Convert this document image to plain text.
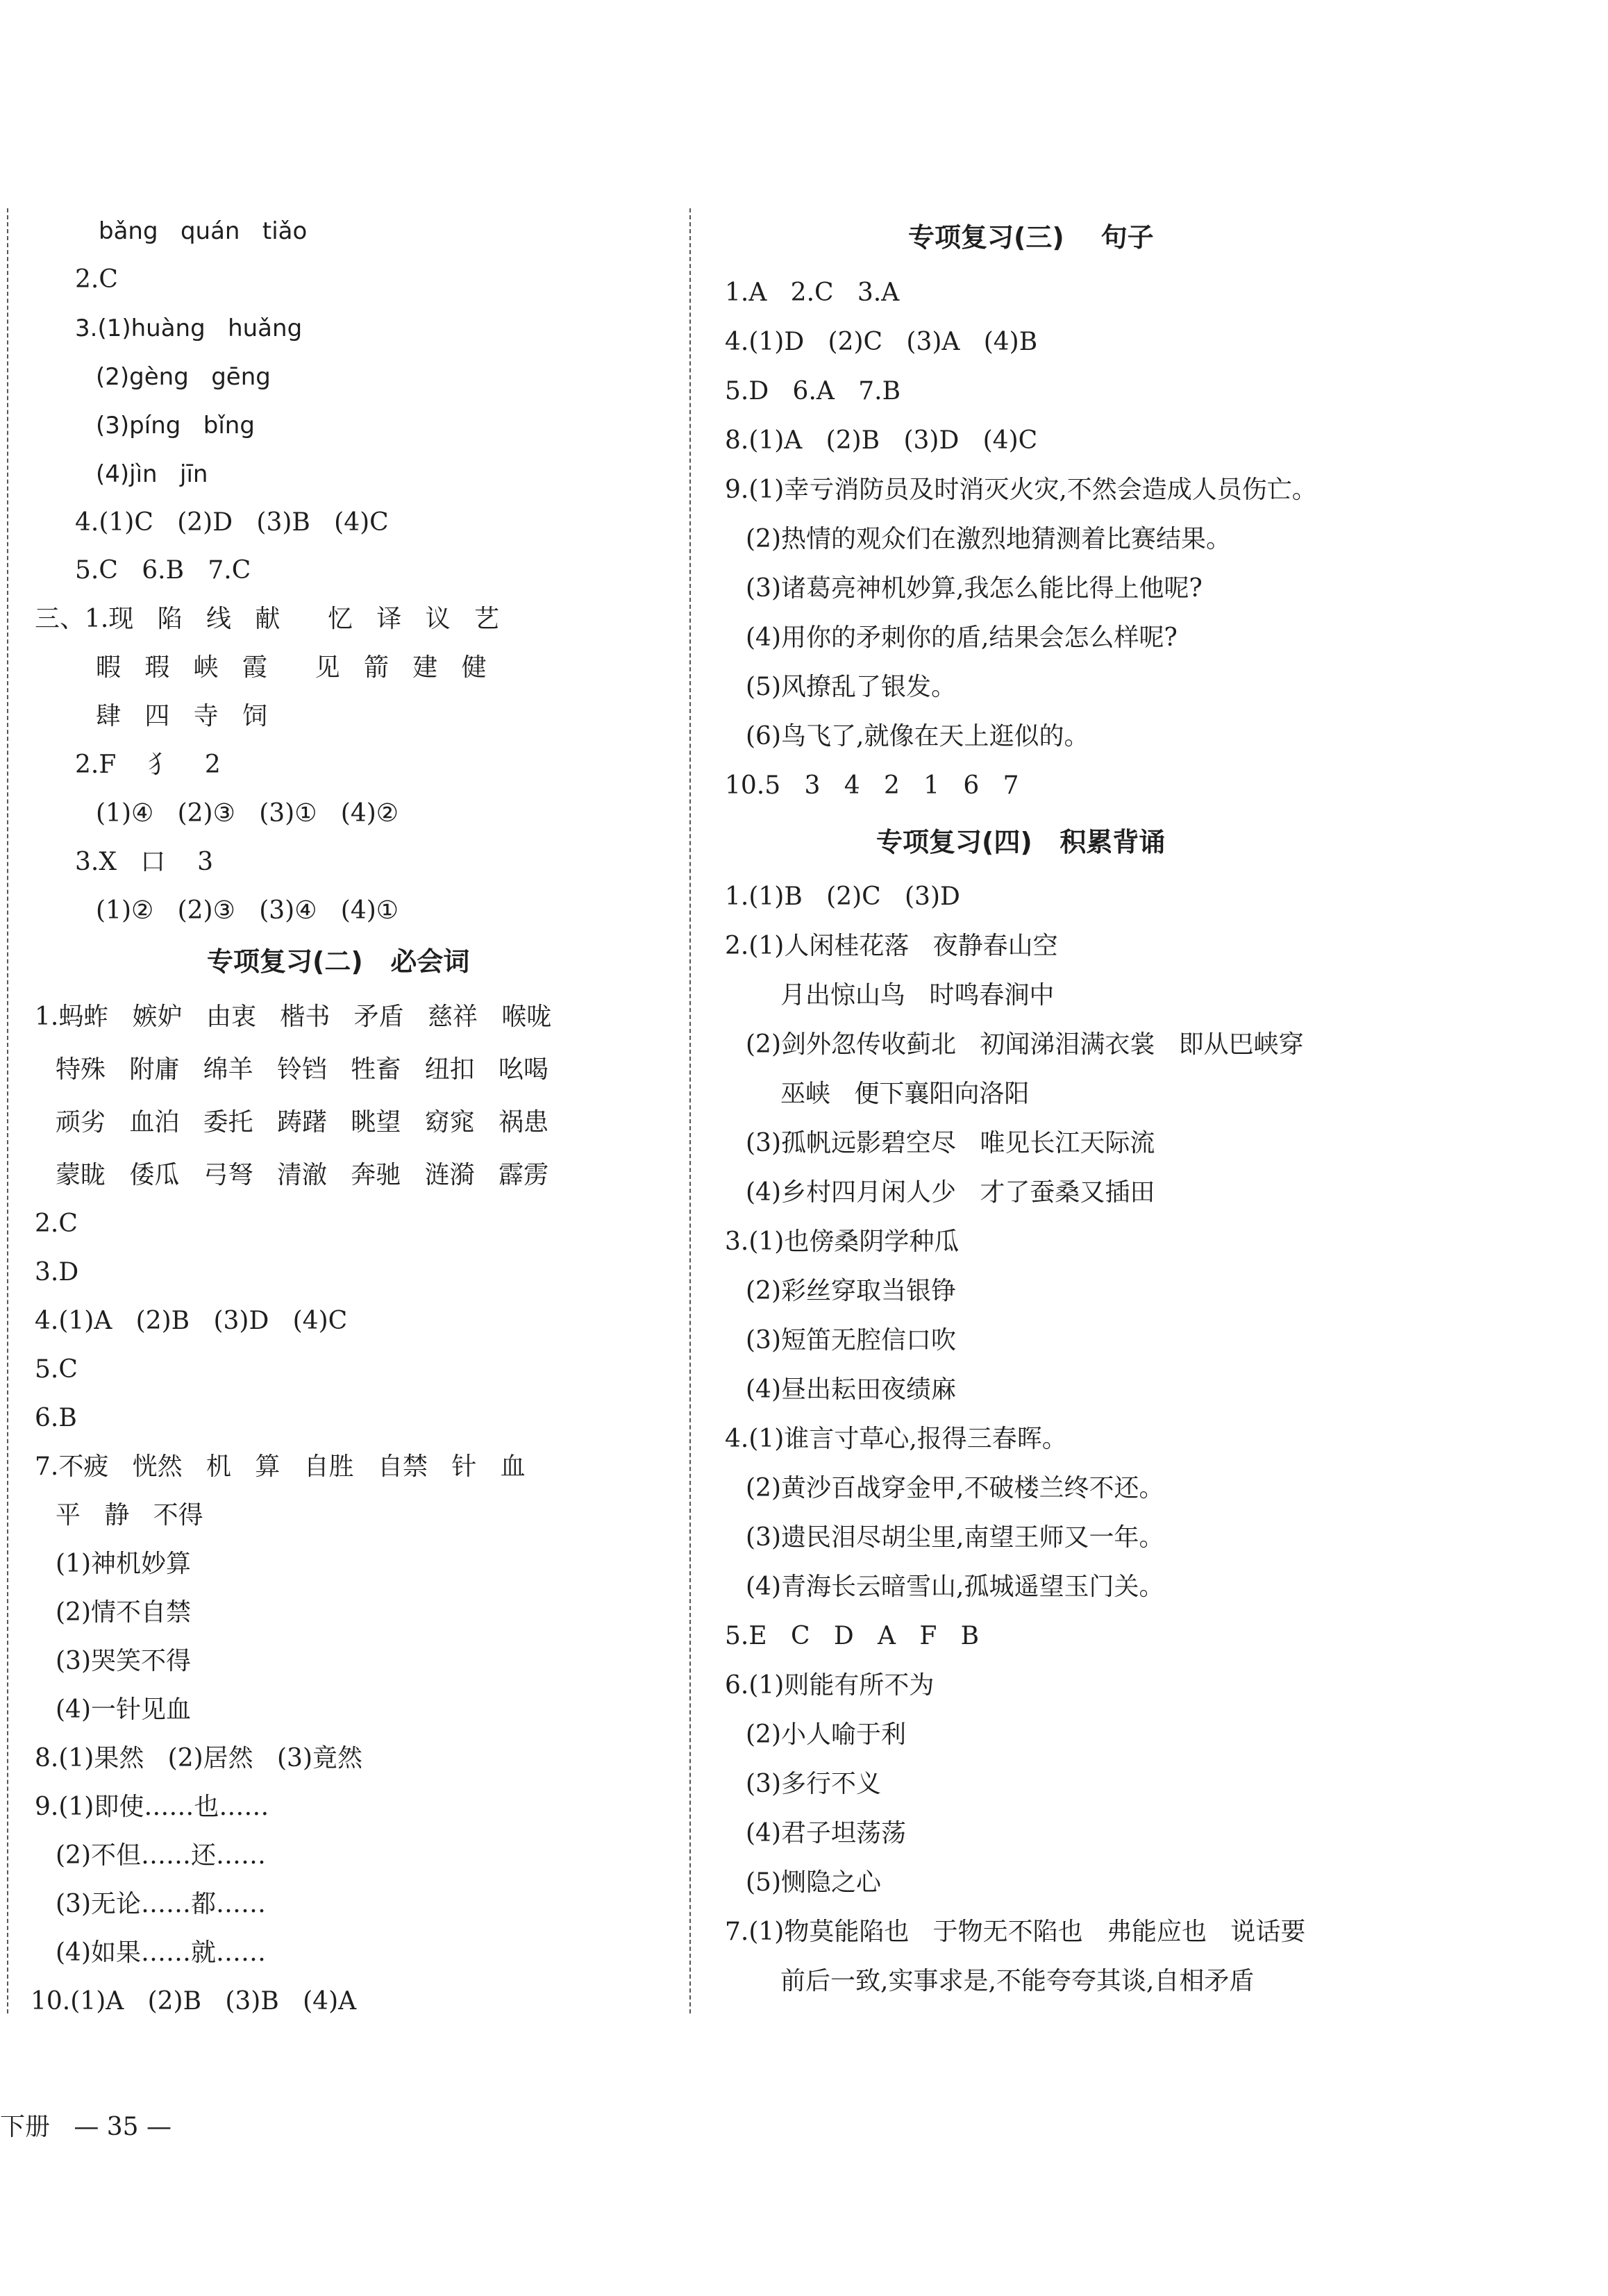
bǎng   quán   tiǎo
2.C
3.(1)huàng   huǎng
(2)gèng   gēng
(3)píng   bǐng
(4)jìn   jīn
4.(1)C   (2)D   (3)B   (4)C
5.C   6.B   7.C
三、1.现   陷   线   献      忆   译   议   艺
暇   瑕   峡   霞      见   箭   建   健
肆   四   寺   饲
2.F    犭    2
(1)④   (2)③   (3)①   (4)②
3.X   口    3
(1)②   (2)③   (3)④   (4)①
专项复习(二)   必会词
1.蚂蚱   嫉妒   由衷   楷书   矛盾   慈祥   喉咙
特殊   附庸   绵羊   铃铛   牲畜   纽扣   吆喝
顽劣   血泊   委托   踌躇   眺望   窈窕   祸患
蒙眬   倭瓜   弓弩   清澈   奔驰   涟漪   霹雳
2.C
3.D
4.(1)A   (2)B   (3)D   (4)C
5.C
6.B
7.不疲   恍然   机   算   自胜   自禁   针   血
平   静   不得
(1)神机妙算
(2)情不自禁
(3)哭笑不得
(4)一针见血
8.(1)果然   (2)居然   (3)竟然
9.(1)即使……也……
(2)不但……还……
(3)无论……都……
(4)如果……就……
10.(1)A   (2)B   (3)B   (4)A
专项复习(三)    句子
1.A   2.C   3.A
4.(1)D   (2)C   (3)A   (4)B
5.D   6.A   7.B
8.(1)A   (2)B   (3)D   (4)C
9.(1)幸亏消防员及时消灭火灾,不然会造成人员伤亡。
(2)热情的观众们在激烈地猜测着比赛结果。
(3)诸葛亮神机妙算,我怎么能比得上他呢?
(4)用你的矛刺你的盾,结果会怎么样呢?
(5)风撩乱了银发。
(6)鸟飞了,就像在天上逛似的。
10.5   3   4   2   1   6   7
专项复习(四)   积累背诵
1.(1)B   (2)C   (3)D
2.(1)人闲桂花落   夜静春山空
月出惊山鸟   时鸣春涧中
(2)剑外忽传收蓟北   初闻涕泪满衣裳   即从巴峡穿
巫峡   便下襄阳向洛阳
(3)孤帆远影碧空尽   唯见长江天际流
(4)乡村四月闲人少   才了蚕桑又插田
3.(1)也傍桑阴学种瓜
(2)彩丝穿取当银铮
(3)短笛无腔信口吹
(4)昼出耘田夜绩麻
4.(1)谁言寸草心,报得三春晖。
(2)黄沙百战穿金甲,不破楼兰终不还。
(3)遗民泪尽胡尘里,南望王师又一年。
(4)青海长云暗雪山,孤城遥望玉门关。
5.E   C   D   A   F   B
6.(1)则能有所不为
(2)小人喻于利
(3)多行不义
(4)君子坦荡荡
(5)恻隐之心
7.(1)物莫能陷也   于物无不陷也   弗能应也   说话要
前后一致,实事求是,不能夸夸其谈,自相矛盾
下册   — 35 —
